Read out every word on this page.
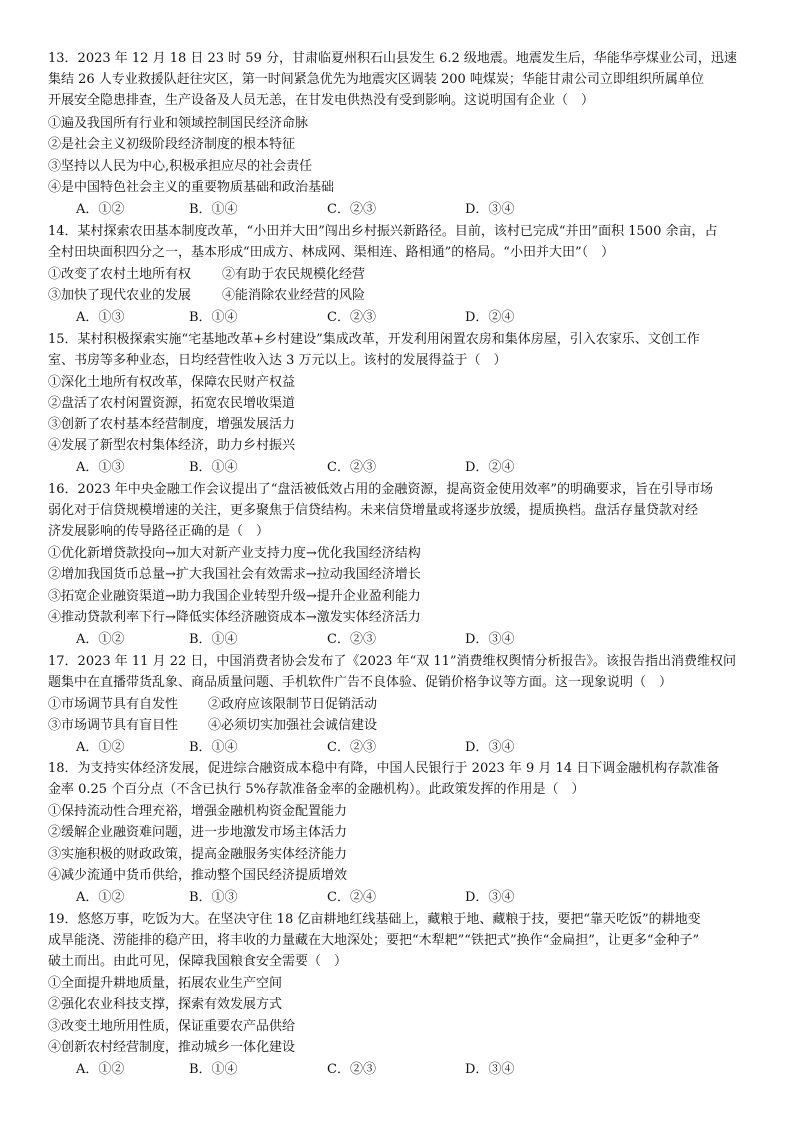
13．2023 年 12 月 18 日 23 时 59 分，甘肃临夏州积石山县发生 6.2 级地震。地震发生后，华能华亭煤业公司，迅速
集结 26 人专业救援队赶往灾区，第一时间紧急优先为地震灾区调装 200 吨煤炭；华能甘肃公司立即组织所属单位
开展安全隐患排查，生产设备及人员无恙，在甘发电供热没有受到影响。这说明国有企业（　）
①遍及我国所有行业和领域控制国民经济命脉
②是社会主义初级阶段经济制度的根本特征
③坚持以人民为中心,积极承担应尽的社会责任
④是中国特色社会主义的重要物质基础和政治基础
A．①②	B．①④	C．②③	D．③④
14．某村探索农田基本制度改革，“小田并大田”闯出乡村振兴新路径。目前，该村已完成“并田”面积 1500 余亩，占
全村田块面积四分之一，基本形成“田成方、林成网、渠相连、路相通”的格局。“小田并大田”（　）
①改变了农村土地所有权 ②有助于农民规模化经营
③加快了现代农业的发展 ④能消除农业经营的风险
A．①③	B．①④	C．②③	D．②④
15．某村积极探索实施“宅基地改革+乡村建设”集成改革，开发利用闲置农房和集体房屋，引入农家乐、文创工作
室、书房等多种业态，日均经营性收入达 3 万元以上。该村的发展得益于（　）
①深化土地所有权改革，保障农民财产权益
②盘活了农村闲置资源，拓宽农民增收渠道
③创新了农村基本经营制度，增强发展活力
④发展了新型农村集体经济，助力乡村振兴
A．①③	B．①④	C．②③	D．②④
16．2023 年中央金融工作会议提出了“盘活被低效占用的金融资源，提高资金使用效率”的明确要求，旨在引导市场
弱化对于信贷规模增速的关注，更多聚焦于信贷结构。未来信贷增量或将逐步放缓，提质换档。盘活存量贷款对经
济发展影响的传导路径正确的是（　）
①优化新增贷款投向→加大对新产业支持力度→优化我国经济结构
②增加我国货币总量→扩大我国社会有效需求→拉动我国经济增长
③拓宽企业融资渠道→助力我国企业转型升级→提升企业盈利能力
④推动贷款利率下行→降低实体经济融资成本→激发实体经济活力
A．①②	B．①④	C．②③	D．③④
17．2023 年 11 月 22 日，中国消费者协会发布了《2023 年“双 11”消费维权舆情分析报告》。该报告指出消费维权问
题集中在直播带货乱象、商品质量问题、手机软件广告不良体验、促销价格争议等方面。这一现象说明（　）
①市场调节具有自发性 ②政府应该限制节日促销活动
③市场调节具有盲目性 ④必须切实加强社会诚信建设
A．①②	B．①④	C．②③	D．③④
18．为支持实体经济发展，促进综合融资成本稳中有降，中国人民银行于 2023 年 9 月 14 日下调金融机构存款准备
金率 0.25 个百分点（不含已执行 5%存款准备金率的金融机构）。此政策发挥的作用是（　）
①保持流动性合理充裕，增强金融机构资金配置能力
②缓解企业融资难问题，进一步地激发市场主体活力
③实施积极的财政政策，提高金融服务实体经济能力
④减少流通中货币供给，推动整个国民经济提质增效
A．①②	B．①③	C．②④	D．③④
19．悠悠万事，吃饭为大。在坚决守住 18 亿亩耕地红线基础上，藏粮于地、藏粮于技，要把“靠天吃饭”的耕地变
成旱能浇、涝能排的稳产田，将丰收的力量藏在大地深处；要把“木犁耙”“铁把式”换作“金扁担”，让更多“金种子”
破土而出。由此可见，保障我国粮食安全需要（　）
①全面提升耕地质量，拓展农业生产空间
②强化农业科技支撑，探索有效发展方式
③改变土地所用性质，保证重要农产品供给
④创新农村经营制度，推动城乡一体化建设
A．①②	B．①④	C．②③	D．③④
